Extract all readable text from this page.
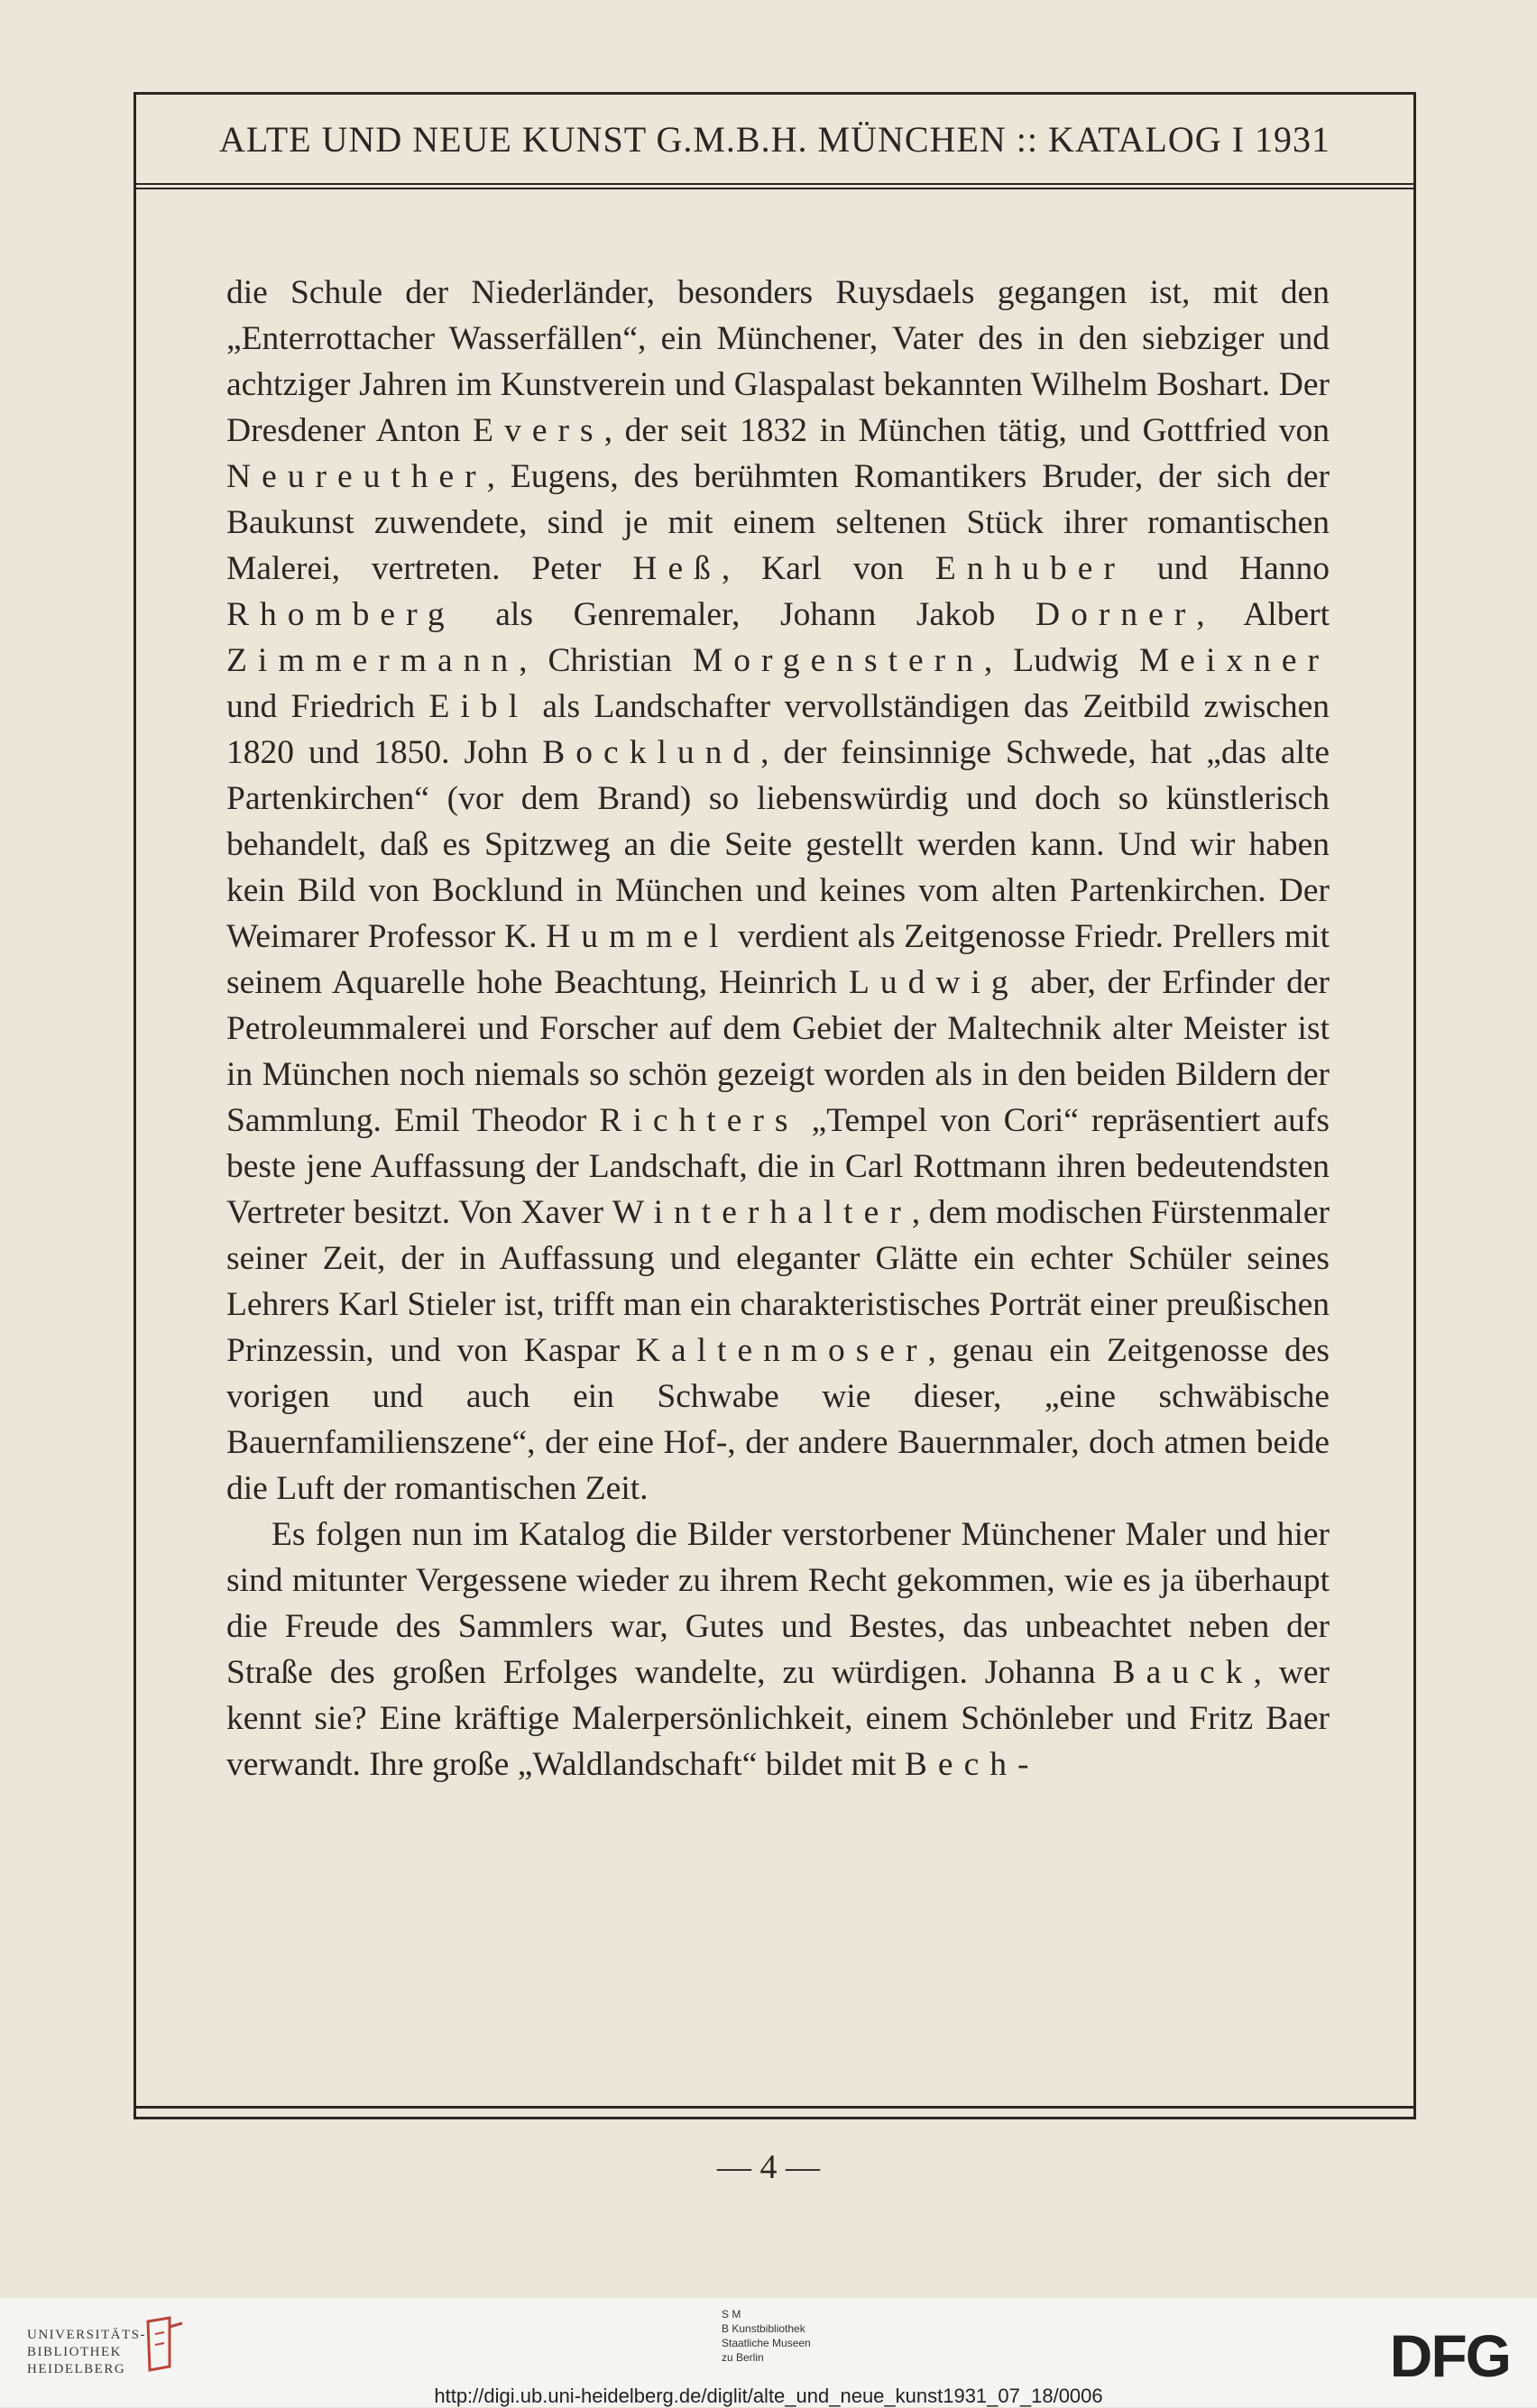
ALTE UND NEUE KUNST G.M.B.H. MÜNCHEN :: KATALOG I 1931

die Schule der Niederländer, besonders Ruysdaels gegangen ist, mit den „Enterrottacher Wasserfällen“, ein Münchener, Vater des in den siebziger und achtziger Jahren im Kunstverein und Glaspalast bekannten Wilhelm Boshart. Der Dresdener Anton Evers, der seit 1832 in München tätig, und Gottfried von Neureuther, Eugens, des berühmten Romantikers Bruder, der sich der Baukunst zuwendete, sind je mit einem seltenen Stück ihrer romantischen Malerei, vertreten. Peter Heß, Karl von Enhuber und Hanno Rhomberg als Genremaler, Johann Jakob Dorner, Albert Zimmermann, Christian Morgenstern, Ludwig Meixner und Friedrich Eibl als Landschafter vervollständigen das Zeitbild zwischen 1820 und 1850. John Bocklund, der feinsinnige Schwede, hat „das alte Partenkirchen“ (vor dem Brand) so liebenswürdig und doch so künstlerisch behandelt, daß es Spitzweg an die Seite gestellt werden kann. Und wir haben kein Bild von Bocklund in München und keines vom alten Partenkirchen. Der Weimarer Professor K. Hummel verdient als Zeitgenosse Friedr. Prellers mit seinem Aquarelle hohe Beachtung, Heinrich Ludwig aber, der Erfinder der Petroleummalerei und Forscher auf dem Gebiet der Maltechnik alter Meister ist in München noch niemals so schön gezeigt worden als in den beiden Bildern der Sammlung. Emil Theodor Richters „Tempel von Cori“ repräsentiert aufs beste jene Auffassung der Landschaft, die in Carl Rottmann ihren bedeutendsten Vertreter besitzt. Von Xaver Winterhalter, dem modischen Fürstenmaler seiner Zeit, der in Auffassung und eleganter Glätte ein echter Schüler seines Lehrers Karl Stieler ist, trifft man ein charakteristisches Porträt einer preußischen Prinzessin, und von Kaspar Kaltenmoser, genau ein Zeitgenosse des vorigen und auch ein Schwabe wie dieser, „eine schwäbische Bauernfamilienszene“, der eine Hof-, der andere Bauernmaler, doch atmen beide die Luft der romantischen Zeit.

Es folgen nun im Katalog die Bilder verstorbener Münchener Maler und hier sind mitunter Vergessene wieder zu ihrem Recht gekommen, wie es ja überhaupt die Freude des Sammlers war, Gutes und Bestes, das unbeachtet neben der Straße des großen Erfolges wandelte, zu würdigen. Johanna Bauck, wer kennt sie? Eine kräftige Malerpersönlichkeit, einem Schönleber und Fritz Baer verwandt. Ihre große „Waldlandschaft“ bildet mit Bech-

— 4 —
UNIVERSITÄTS-
BIBLIOTHEK
HEIDELBERG
S M
B Kunstbibliothek
Staatliche Museen
zu Berlin	DFG
http://digi.ub.uni-heidelberg.de/diglit/alte_und_neue_kunst1931_07_18/0006
